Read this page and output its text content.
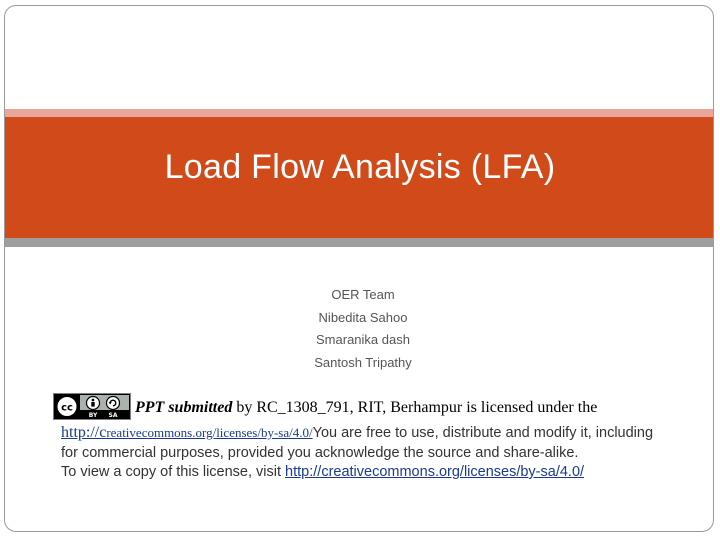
Load Flow Analysis (LFA)
OER Team
Nibedita Sahoo
Smaranika dash
Santosh Tripathy
cc
BY SA PPT submitted by RC_1308_791, RIT, Berhampur is licensed under the
http://creativecommons.org/licenses/by-sa/4.0/You are free to use, distribute and modify it, including for commercial purposes, provided you acknowledge the source and share-alike.
To view a copy of this license, visit http://creativecommons.org/licenses/by-sa/4.0/
